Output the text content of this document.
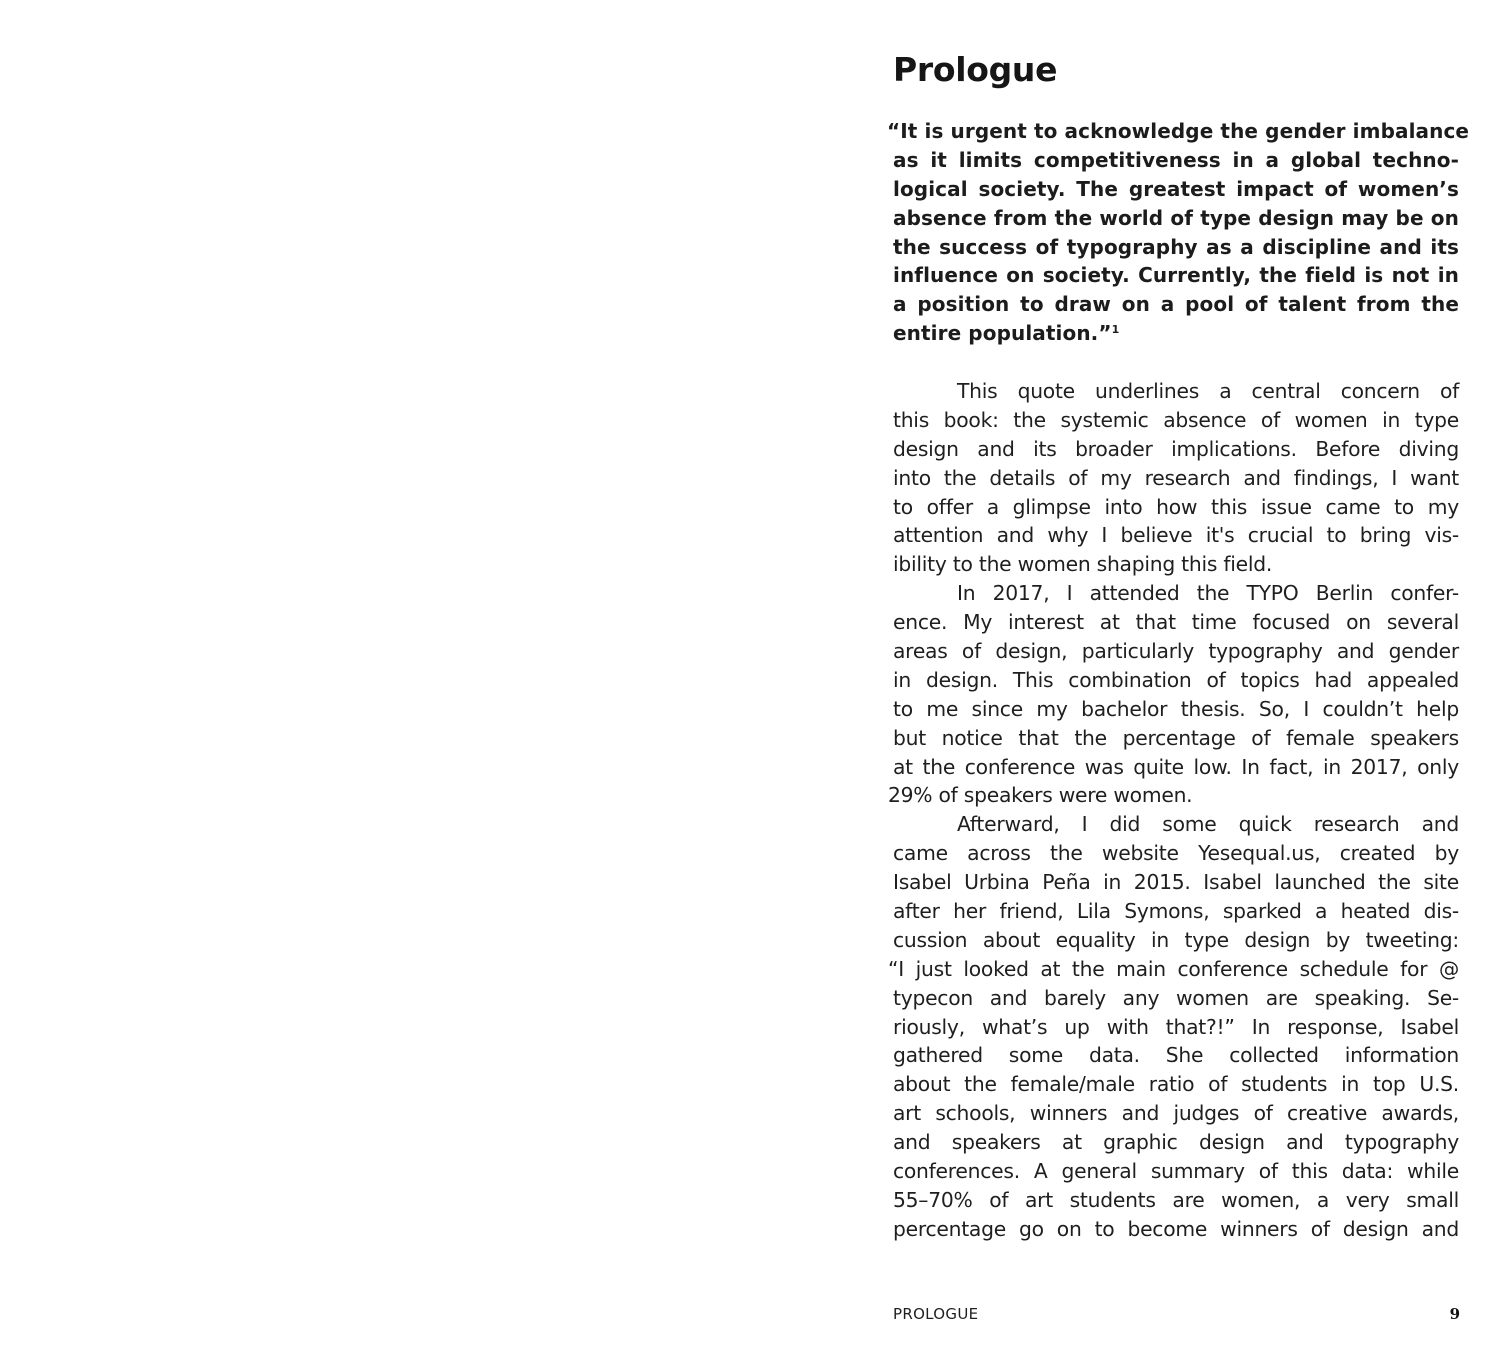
Prologue
“It is urgent to acknowledge the gender imbalance
as it limits competitiveness in a global techno-
logical society. The greatest impact of women’s
absence from the world of type design may be on
the success of typography as a discipline and its
influence on society. Currently, the field is not in
a position to draw on a pool of talent from the
entire population.”$^1$
This quote underlines a central concern of
this book: the systemic absence of women in type
design and its broader implications. Before diving
into the details of my research and findings, I want
to offer a glimpse into how this issue came to my
attention and why I believe it's crucial to bring vis-
ibility to the women shaping this field.
In 2017, I attended the TYPO Berlin confer-
ence. My interest at that time focused on several
areas of design, particularly typography and gender
in design. This combination of topics had appealed
to me since my bachelor thesis. So, I couldn’t help
but notice that the percentage of female speakers
at the conference was quite low. In fact, in 2017, only
29% of speakers were women.
Afterward, I did some quick research and
came across the website Yesequal.us, created by
Isabel Urbina Peña in 2015. Isabel launched the site
after her friend, Lila Symons, sparked a heated dis-
cussion about equality in type design by tweeting:
“I just looked at the main conference schedule for @
typecon and barely any women are speaking. Se-
riously, what’s up with that?!” In response, Isabel
gathered some data. She collected information
about the female/male ratio of students in top U.S.
art schools, winners and judges of creative awards,
and speakers at graphic design and typography
conferences. A general summary of this data: while
55–70% of art students are women, a very small
percentage go on to become winners of design and
PROLOGUE	9
